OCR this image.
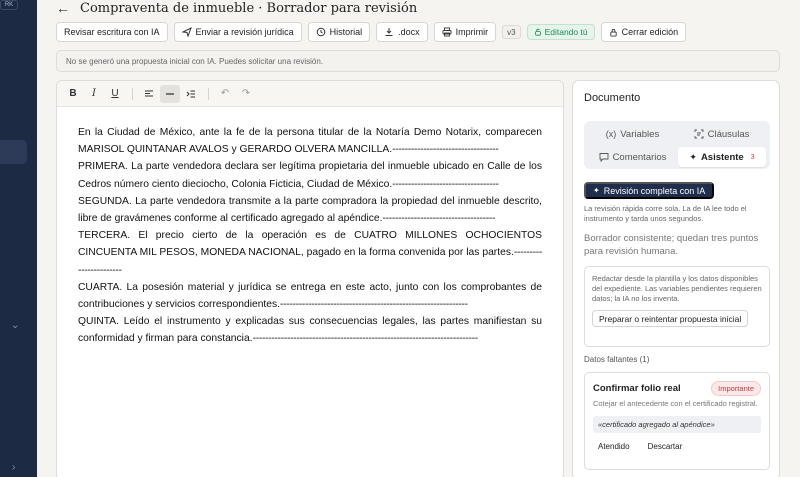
RK
⌄
›
← Compraventa de inmueble · Borrador para revisión
Revisar escritura con IA	Enviar a revisión jurídica	Historial	.docx	Imprimir	v3	Editando tú	Cerrar edición
No se generó una propuesta inicial con IA. Puedes solicitar una revisión.
B I U	↶	↷

En la Ciudad de México, ante la fe de la persona titular de la Notaría Demo Notarix, comparecen MARISOL QUINTANAR AVALOS y GERARDO OLVERA MANCILLA.----------------------------------

PRIMERA. La parte vendedora declara ser legítima propietaria del inmueble ubicado en Calle de los Cedros número ciento dieciocho, Colonia Ficticia, Ciudad de México.----------------------------------

SEGUNDA. La parte vendedora transmite a la parte compradora la propiedad del inmueble descrito, libre de gravámenes conforme al certificado agregado al apéndice.------------------------------------

TERCERA. El precio cierto de la operación es de CUATRO MILLONES OCHOCIENTOS CINCUENTA MIL PESOS, MONEDA NACIONAL, pagado en la forma convenida por las partes.-----------------------

CUARTA. La posesión material y jurídica se entrega en este acto, junto con los comprobantes de contribuciones y servicios correspondientes.------------------------------------------------------------

QUINTA. Leído el instrumento y explicadas sus consecuencias legales, las partes manifiestan su conformidad y firman para constancia.------------------------------------------------------------------------

Documento
(x) Variables	Cláusulas
Comentarios	✦ Asistente 3
✦ Revisión completa con IA
La revisión rápida corre sola. La de IA lee todo el instrumento y tarda unos segundos.
Borrador consistente; quedan tres puntos para revisión humana.
Redactar desde la plantilla y los datos disponibles del expediente. Las variables pendientes requieren datos; la IA no los inventa.
Preparar o reintentar propuesta inicial
Datos faltantes (1)
Confirmar folio real	Importante
Cotejar el antecedente con el certificado registral.
«certificado agregado al apéndice»
Atendido Descartar
